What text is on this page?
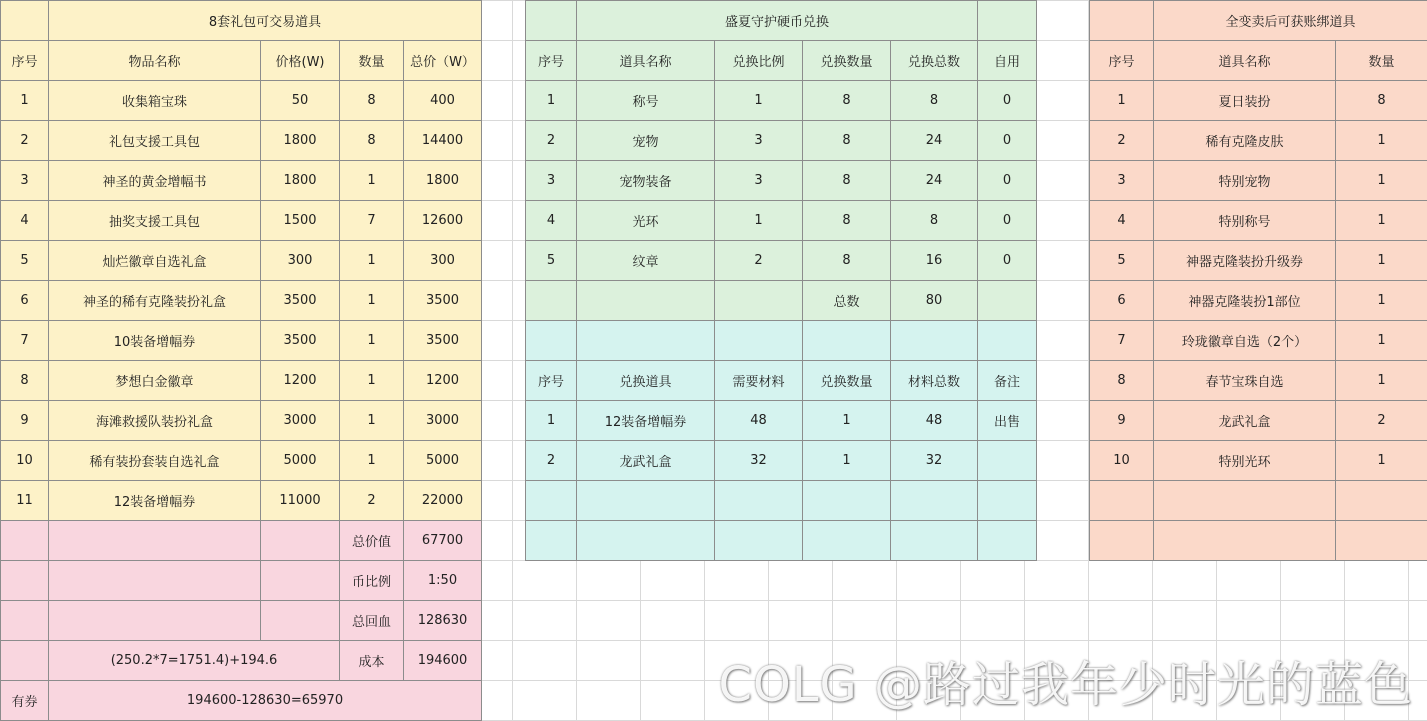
	8套礼包可交易道具			
序号	物品名称	价格(W)	数量	总价（W）
1	收集箱宝珠	50	8	400
2	礼包支援工具包	1800	8	14400
3	神圣的黄金增幅书	1800	1	1800
4	抽奖支援工具包	1500	7	12600
5	灿烂徽章自选礼盒	300	1	300
6	神圣的稀有克隆装扮礼盒	3500	1	3500
7	10装备增幅券	3500	1	3500
8	梦想白金徽章	1200	1	1200
9	海滩救援队装扮礼盒	3000	1	3000
10	稀有装扮套装自选礼盒	5000	1	5000
11	12装备增幅券	11000	2	22000
			总价值	67700
			币比例	1:50
			总回血	128630
	(250.2*7=1751.4)+194.6		成本	194600
有券	194600-128630=65970			
	盛夏守护硬币兑换				
序号	道具名称	兑换比例	兑换数量	兑换总数	自用
1	称号	1	8	8	0
2	宠物	3	8	24	0
3	宠物装备	3	8	24	0
4	光环	1	8	8	0
5	纹章	2	8	16	0
			总数	80	

序号	兑换道具	需要材料	兑换数量	材料总数	备注
1	12装备增幅券	48	1	48	出售
2	龙武礼盒	32	1	32	

	全变卖后可获账绑道具	
序号	道具名称	数量
1	夏日装扮	8
2	稀有克隆皮肤	1
3	特别宠物	1
4	特别称号	1
5	神器克隆装扮升级券	1
6	神器克隆装扮1部位	1
7	玲珑徽章自选（2个）	1
8	春节宝珠自选	1
9	龙武礼盒	2
10	特别光环	1

COLG @路过我年少时光的蓝色
